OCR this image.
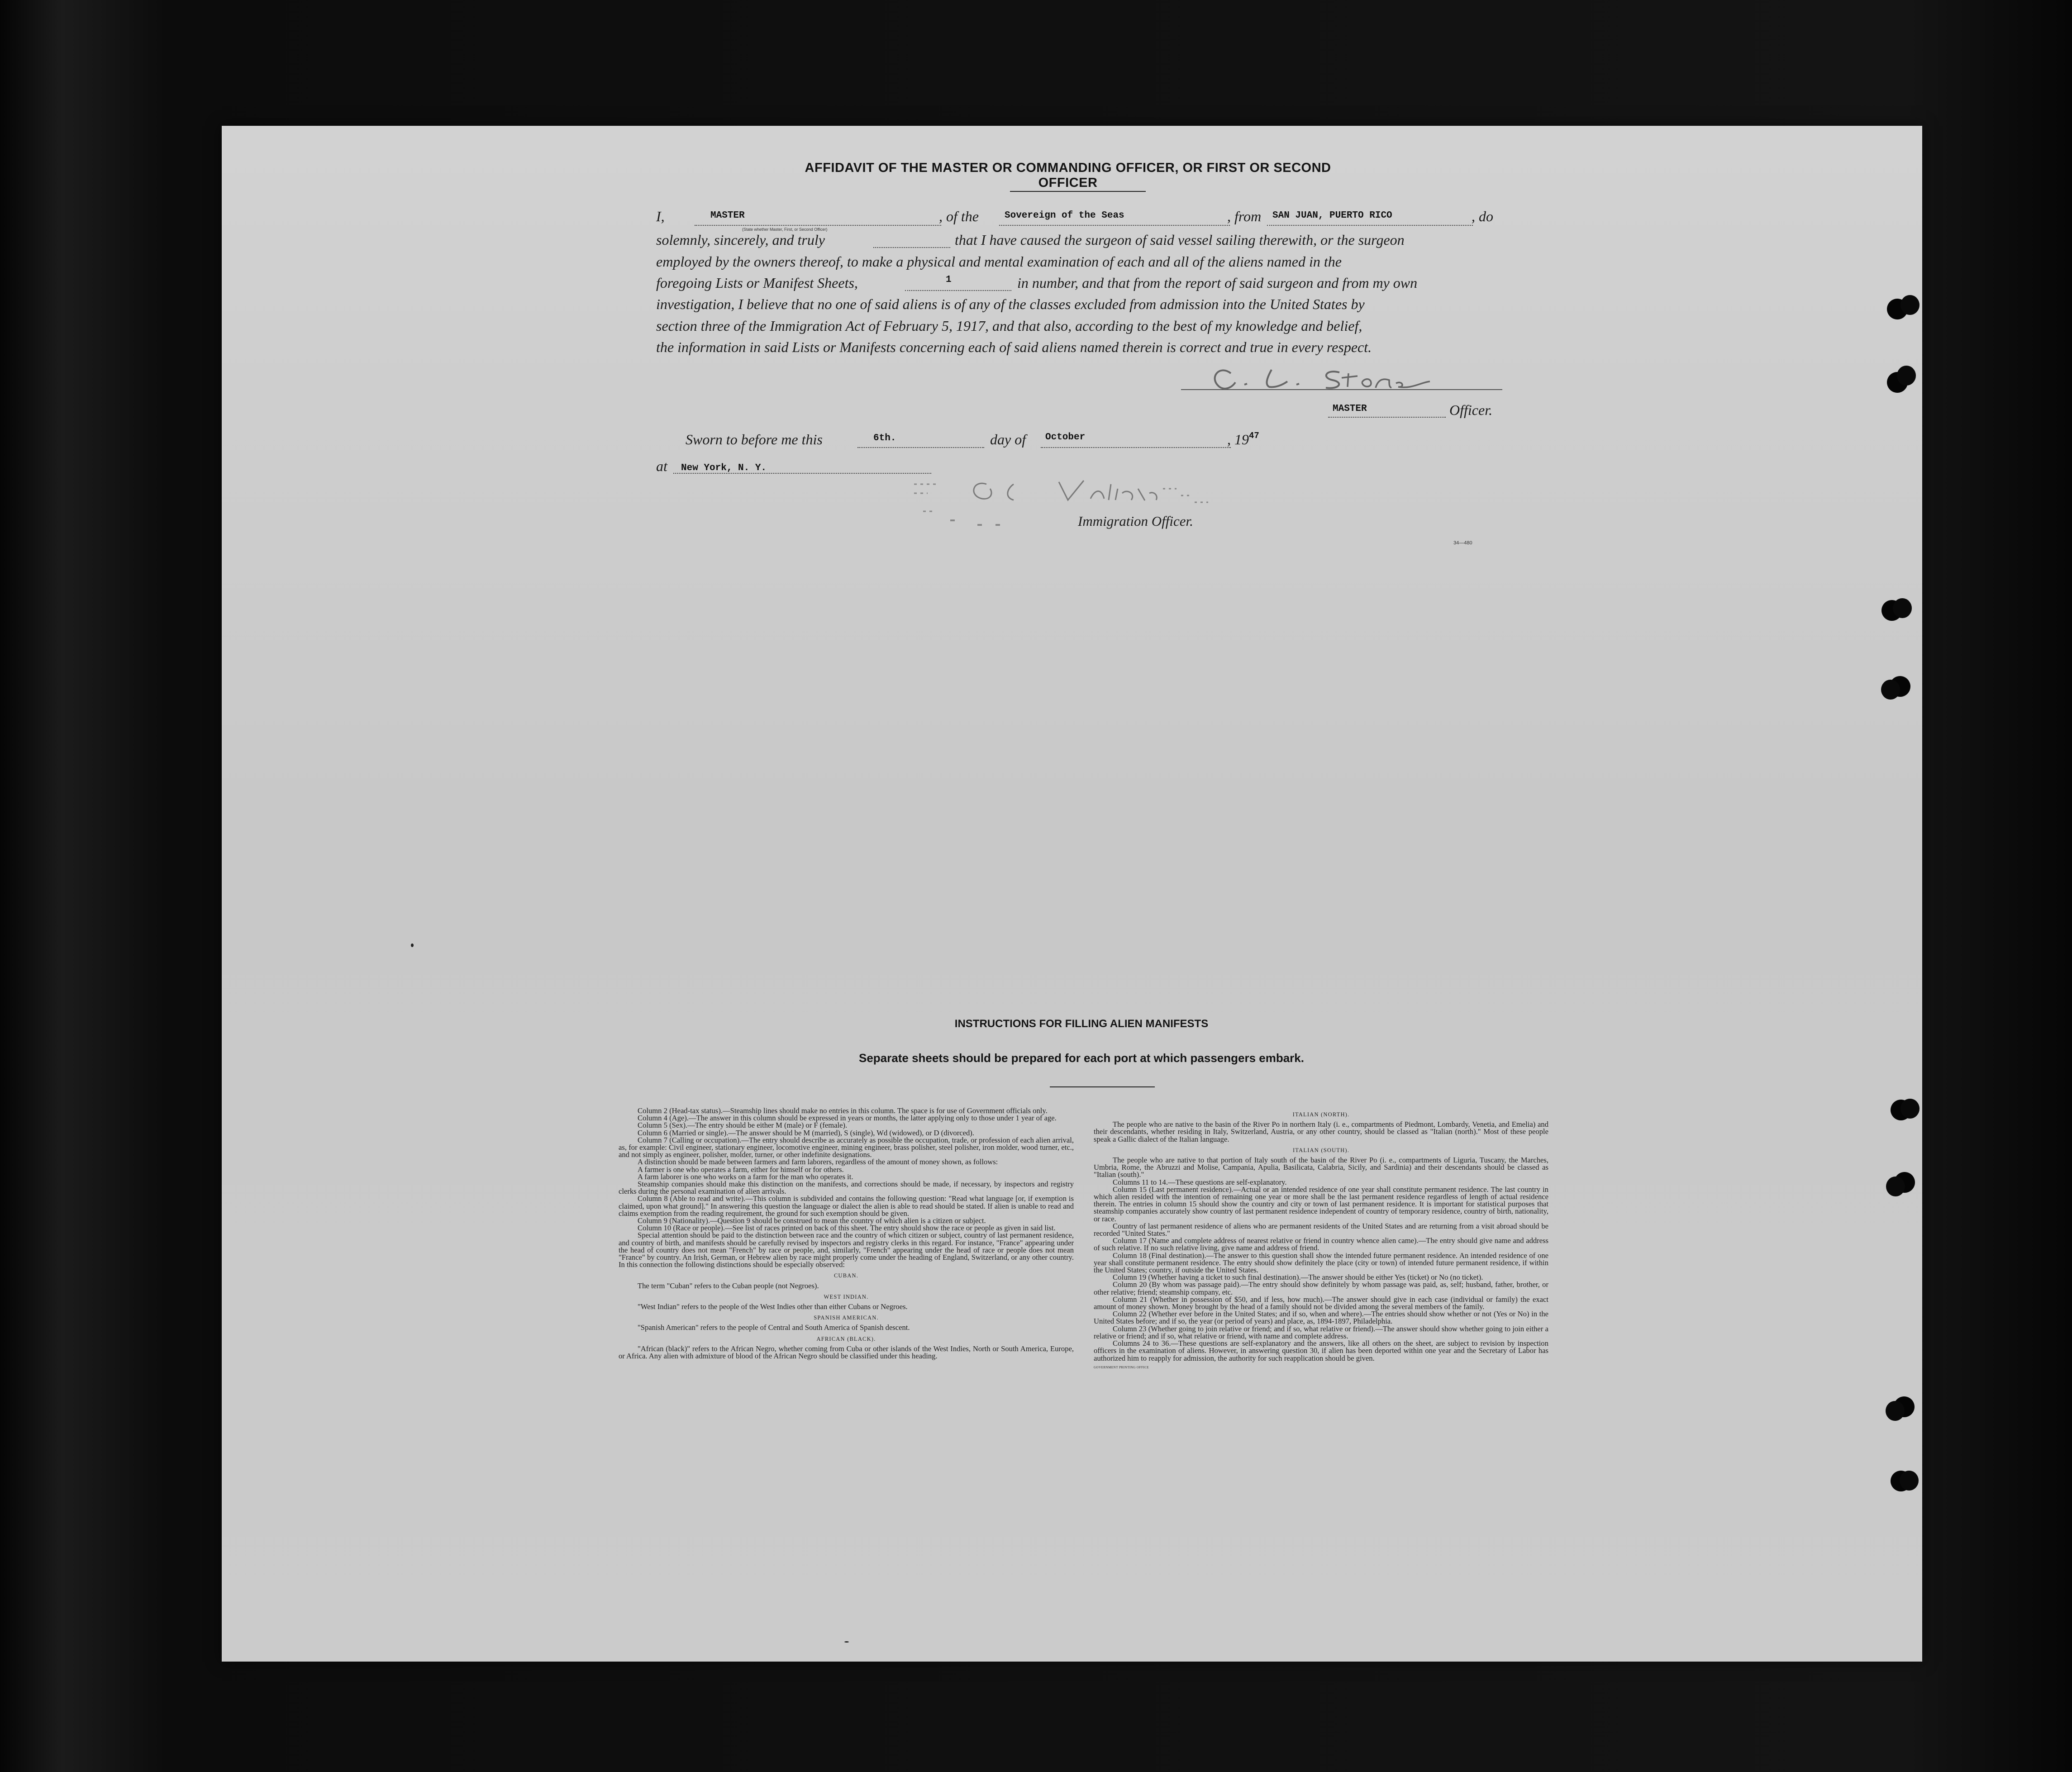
AFFIDAVIT OF THE MASTER OR COMMANDING OFFICER, OR FIRST OR SECOND OFFICER
I,	MASTER
(State whether Master, First, or Second Officer)
, of the	Sovereign of the Seas	, from SAN JUAN, PUERTO RICO	, do
solemnly, sincerely, and truly	that I have caused the surgeon of said vessel sailing therewith, or the surgeon
employed by the owners thereof, to make a physical and mental examination of each and all of the aliens named in the
foregoing Lists or Manifest Sheets,	1	in number, and that from the report of said surgeon and from my own
investigation, I believe that no one of said aliens is of any of the classes excluded from admission into the United States by
section three of the Immigration Act of February 5, 1917, and that also, according to the best of my knowledge and belief,
the information in said Lists or Manifests concerning each of said aliens named therein is correct and true in every respect.
MASTER	Officer.
Sworn to before me this	6th.	day of October	, 19 47
at New York, N. Y.
Immigration Officer.
34—480
INSTRUCTIONS FOR FILLING ALIEN MANIFESTS
Separate sheets should be prepared for each port at which passengers embark.

Column 2 (Head-tax status).—Steamship lines should make no entries in this column. The space is for use of Government officials only.

Column 4 (Age).—The answer in this column should be expressed in years or months, the latter applying only to those under 1 year of age.

Column 5 (Sex).—The entry should be either M (male) or F (female).

Column 6 (Married or single).—The answer should be M (married), S (single), Wd (widowed), or D (divorced).

Column 7 (Calling or occupation).—The entry should describe as accurately as possible the occupation, trade, or profession of each alien arrival, as, for example: Civil engineer, stationary engineer, locomotive engineer, mining engineer, brass polisher, steel polisher, iron molder, wood turner, etc., and not simply as engineer, polisher, molder, turner, or other indefinite designations.

A distinction should be made between farmers and farm laborers, regardless of the amount of money shown, as follows:

A farmer is one who operates a farm, either for himself or for others.

A farm laborer is one who works on a farm for the man who operates it.

Steamship companies should make this distinction on the manifests, and corrections should be made, if necessary, by inspectors and registry clerks during the personal examination of alien arrivals.

Column 8 (Able to read and write).—This column is subdivided and contains the following question: "Read what language [or, if exemption is claimed, upon what ground]." In answering this question the language or dialect the alien is able to read should be stated. If alien is unable to read and claims exemption from the reading requirement, the ground for such exemption should be given.

Column 9 (Nationality).—Question 9 should be construed to mean the country of which alien is a citizen or subject.

Column 10 (Race or people).—See list of races printed on back of this sheet. The entry should show the race or people as given in said list.

Special attention should be paid to the distinction between race and the country of which citizen or subject, country of last permanent residence, and country of birth, and manifests should be carefully revised by inspectors and registry clerks in this regard. For instance, "France" appearing under the head of country does not mean "French" by race or people, and, similarly, "French" appearing under the head of race or people does not mean "France" by country. An Irish, German, or Hebrew alien by race might properly come under the heading of England, Switzerland, or any other country. In this connection the following distinctions should be especially observed:

CUBAN.

The term "Cuban" refers to the Cuban people (not Negroes).

WEST INDIAN.

"West Indian" refers to the people of the West Indies other than either Cubans or Negroes.

SPANISH AMERICAN.

"Spanish American" refers to the people of Central and South America of Spanish descent.

AFRICAN (BLACK).

"African (black)" refers to the African Negro, whether coming from Cuba or other islands of the West Indies, North or South America, Europe, or Africa. Any alien with admixture of blood of the African Negro should be classified under this heading.

ITALIAN (NORTH).

The people who are native to the basin of the River Po in northern Italy (i. e., compartments of Piedmont, Lombardy, Venetia, and Emelia) and their descendants, whether residing in Italy, Switzerland, Austria, or any other country, should be classed as "Italian (north)." Most of these people speak a Gallic dialect of the Italian language.

ITALIAN (SOUTH).

The people who are native to that portion of Italy south of the basin of the River Po (i. e., compartments of Liguria, Tuscany, the Marches, Umbria, Rome, the Abruzzi and Molise, Campania, Apulia, Basilicata, Calabria, Sicily, and Sardinia) and their descendants should be classed as "Italian (south)."

Columns 11 to 14.—These questions are self-explanatory.

Column 15 (Last permanent residence).—Actual or an intended residence of one year shall constitute permanent residence. The last country in which alien resided with the intention of remaining one year or more shall be the last permanent residence regardless of length of actual residence therein. The entries in column 15 should show the country and city or town of last permanent residence. It is important for statistical purposes that steamship companies accurately show country of last permanent residence independent of country of temporary residence, country of birth, nationality, or race.

Country of last permanent residence of aliens who are permanent residents of the United States and are returning from a visit abroad should be recorded "United States."

Column 17 (Name and complete address of nearest relative or friend in country whence alien came).—The entry should give name and address of such relative. If no such relative living, give name and address of friend.

Column 18 (Final destination).—The answer to this question shall show the intended future permanent residence. An intended residence of one year shall constitute permanent residence. The entry should show definitely the place (city or town) of intended future permanent residence, if within the United States; country, if outside the United States.

Column 19 (Whether having a ticket to such final destination).—The answer should be either Yes (ticket) or No (no ticket).

Column 20 (By whom was passage paid).—The entry should show definitely by whom passage was paid, as, self; husband, father, brother, or other relative; friend; steamship company, etc.

Column 21 (Whether in possession of $50, and if less, how much).—The answer should give in each case (individual or family) the exact amount of money shown. Money brought by the head of a family should not be divided among the several members of the family.

Column 22 (Whether ever before in the United States; and if so, when and where).—The entries should show whether or not (Yes or No) in the United States before; and if so, the year (or period of years) and place, as, 1894-1897, Philadelphia.

Column 23 (Whether going to join relative or friend; and if so, what relative or friend).—The answer should show whether going to join either a relative or friend; and if so, what relative or friend, with name and complete address.

Columns 24 to 36.—These questions are self-explanatory and the answers, like all others on the sheet, are subject to revision by inspection officers in the examination of aliens. However, in answering question 30, if alien has been deported within one year and the Secretary of Labor has authorized him to reapply for admission, the authority for such reapplication should be given.

GOVERNMENT PRINTING OFFICE
